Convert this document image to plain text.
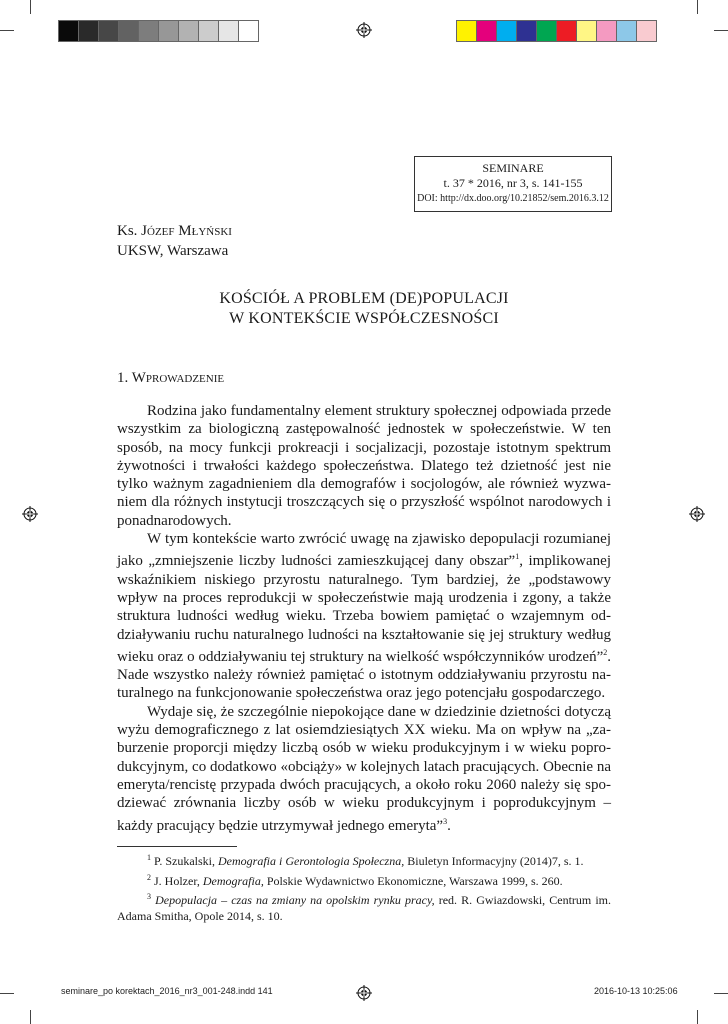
SEMINARE
t. 37 * 2016, nr 3, s. 141-155
DOI: http://dx.doo.org/10.21852/sem.2016.3.12
Ks. Józef Młyński
UKSW, Warszawa
KOŚCIÓŁ A PROBLEM (DE)POPULACJI
W KONTEKŚCIE WSPÓŁCZESNOŚCI
1. Wprowadzenie

Rodzina jako fundamentalny element struktury społecznej odpowiada przede wszystkim za biologiczną zastępowalność jednostek w społeczeństwie. W ten sposób, na mocy funkcji prokreacji i socjalizacji, pozostaje istotnym spektrum żywotności i trwałości każdego społeczeństwa. Dlatego też dzietność jest nie tylko ważnym zagadnieniem dla demografów i socjologów, ale również wyzwaniem dla różnych instytucji troszczących się o przyszłość wspólnot narodowych i ponadnarodowych.

W tym kontekście warto zwrócić uwagę na zjawisko depopulacji rozumianej jako „zmniejszenie liczby ludności zamieszkującej dany obszar”$^1$, implikowanej wskaźnikiem niskiego przyrostu naturalnego. Tym bardziej, że „podstawowy wpływ na proces reprodukcji w społeczeństwie mają urodzenia i zgony, a także struktura ludności według wieku. Trzeba bowiem pamiętać o wzajemnym oddziaływaniu ruchu naturalnego ludności na kształtowanie się jej struktury według wieku oraz o oddziaływaniu tej struktury na wielkość współczynników urodzeń”$^2$. Nade wszystko należy również pamiętać o istotnym oddziaływaniu przyrostu naturalnego na funkcjonowanie społeczeństwa oraz jego potencjału gospodarczego.

Wydaje się, że szczególnie niepokojące dane w dziedzinie dzietności dotyczą wyżu demograficznego z lat osiemdziesiątych XX wieku. Ma on wpływ na „zaburzenie proporcji między liczbą osób w wieku produkcyjnym i w wieku poprodukcyjnym, co dodatkowo «obciąży» w kolejnych latach pracujących. Obecnie na emeryta/rencistę przypada dwóch pracujących, a około roku 2060 należy się spodziewać zrównania liczby osób w wieku produkcyjnym i poprodukcyjnym – każdy pracujący będzie utrzymywał jednego emeryta”$^3$.

$^1$ P. Szukalski, Demografia i Gerontologia Społeczna, Biuletyn Informacyjny (2014)7, s. 1.

$^2$ J. Holzer, Demografia, Polskie Wydawnictwo Ekonomiczne, Warszawa 1999, s. 260.

$^3$ Depopulacja – czas na zmiany na opolskim rynku pracy, red. R. Gwiazdowski, Centrum im. Adama Smitha, Opole 2014, s. 10.

seminare_po korektach_2016_nr3_001-248.indd 141	2016-10-13 10:25:06
